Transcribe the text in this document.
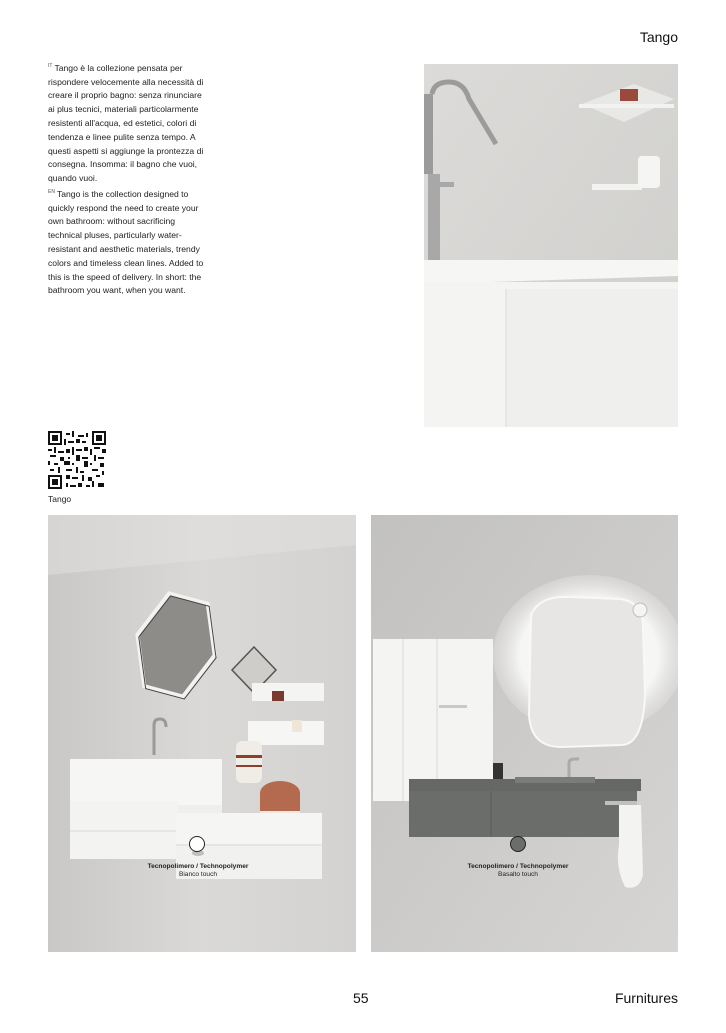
Tango

$^{IT}$ Tango è la collezione pensata per rispondere velocemente alla necessità di creare il proprio bagno: senza rinunciare ai plus tecnici, materiali particolarmente resistenti all'acqua, ed estetici, colori di tendenza e linee pulite senza tempo. A questi aspetti si aggiunge la prontezza di consegna. Insomma: il bagno che vuoi, quando vuoi.

$^{EN}$ Tango is the collection designed to quickly respond the need to create your own bathroom: without sacrificing technical pluses, particularly water-resistant and aesthetic materials, trendy colors and timeless clean lines. Added to this is the speed of delivery. In short: the bathroom you want, when you want.

Tango
Tecnopolimero / Technopolymer
Bianco touch
Tecnopolimero / Technopolymer
Basalto touch
55	Furnitures
